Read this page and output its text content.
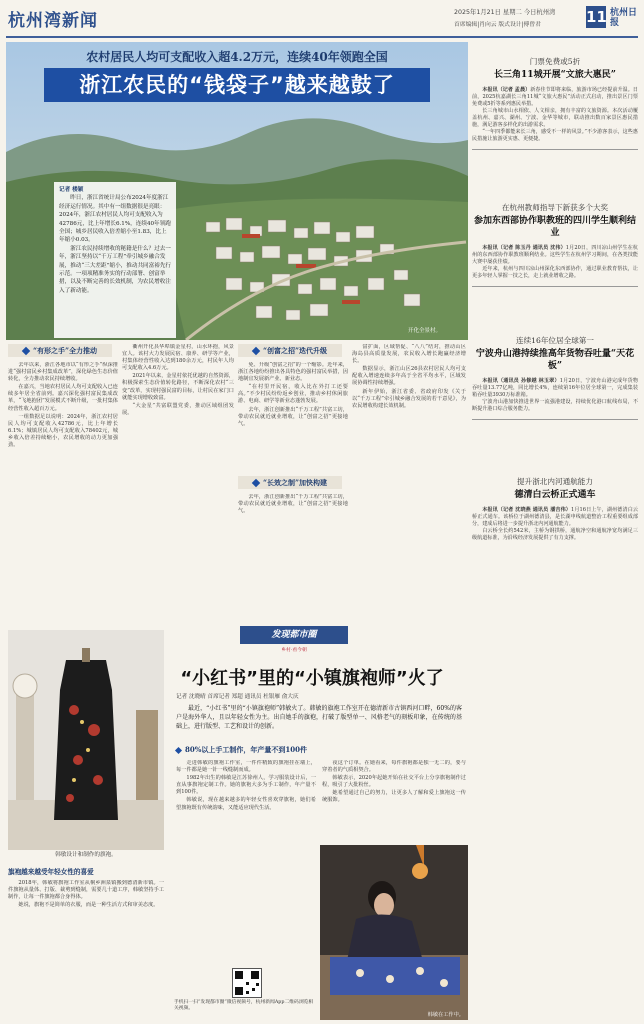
杭州湾新闻	2025年1月21日 星期二 今日杭州湾
首席编辑|肖向云 版式设计|傅曾君	11 杭州日报
农村居民人均可支配收入超4.2万元，连续40年领跑全国
浙江农民的“钱袋子”越来越鼓了
记者 楼颖

昨日，浙江省统计局公布2024年度浙江经济运行情况。其中有一组数据很是亮眼：2024年，浙江农村居民人均可支配收入为42786元，比上年增长6.1%，连续40年领跑全国；城乡居民收入倍差缩小至1.83，比上年缩小0.03。

浙江农民持续增收的秘籍是什么？过去一年，浙江坚持以“千万工程”牵引城乡融合发展，推动“三大差距”缩小，推动共同富裕先行示范。一项项精准务实的行动部署、创富举措，以及不断完善的长效机制，为农民增收注入了新动能。

开化全景村。
“有形之手”全力推动	“创富之招”迭代升级
“长效之制”加快构建

去年以来，浙江各地市以“有形之手”纵深推进“强村富民乡村集成改革”，深化绿色生态价值转化，全力推动农民持续增收。

在嘉兴，当地农村居民人均可支配收入已连续多年居全省前列。嘉兴深化强村富民集成改革，“飞地抱团”发展模式不断升级，一批村集体经营性收入超百万元。

一组数据足以说明：2024年，浙江农村居民人均可支配收入42786元，比上年增长6.1%；城镇居民人均可支配收入78402元，城乡收入倍差持续缩小，农民增收的动力更加强劲。

衢州开化县华埠镇金星村，山水环抱，风景宜人。该村大力发展民宿、康养、研学等产业，村集体经营性收入达到180余万元，村民年人均可支配收入4.6万元。

2021年以来，金星村依托优越的自然资源，积极探索生态价值转化路径，不断深化农村“三变”改革，实现村强民富的目标，让村民在家门口就能实现增收致富。

“大金星”共富联盟党委，推动区域组团发展。

免、升级“创富之招”的一个缩影。近年来，浙江各地纷纷推出各具特色的强村富民举措，因地制宜发展新产业、新业态。

“在村里开民宿，收入比在外打工还要高。”不少村民纷纷返乡创业，推动乡村休闲旅游、电商、研学等新业态蓬勃发展。

去年，浙江创新推出“千万工程”共富工坊，带动农民就近就业增收，让“创富之招”更接地气。

去年，浙江创新推出“千万工程”共富工坊，带动农民就近就业增收，让“创富之招”更接地气。

富扩面，区域帮促、“八八”结对，推动山区海岛县高质量发展，农民收入增长跑赢经济增长。

数据显示，浙江山区26县农村居民人均可支配收入增速连续多年高于全省平均水平，区域发展协调性持续增强。

新年伊始，浙江省委、省政府印发《关于以“千万工程”牵引城乡融合发展的若干意见》，为农民增收构建长效机制。

韩敏设计和制作的旗袍。
发现都市圈
乡村·看今朝
“小红书”里的“小镇旗袍师”火了
记者 沈晓晴 首席记者 郑超 通讯员 杜银雁 俞大庆
最近，“小红书”里的“小镇旗袍师”韩敏火了。韩敏的旗袍工作室开在德清新市古镇西河口畔，60%的客户是海外华人，且以年轻女性为主。出自她手的旗袍，打破了版型单一、风格老气的刻板印象，在传统的基础上，进行版型、工艺和设计的创新。
80%以上手工制作，年产量不到100件
旗袍越来越受年轻女性的喜爱

2018年，韩敏将旗袍工作室从桐乡洲泉镇搬到德清新市镇。一件旗袍从量体、打版、裁剪到缝制，需要几十道工序，韩敏坚持手工制作，让每一件旗袍都合身得体。

她说，旗袍不是简单的衣服，而是一种生活方式和审美态度。

走进韩敏的旗袍工作室，一件件精致的旗袍挂在墙上，每一件都是她一针一线缝制而成。

1982年出生的韩敏是江苏徐州人，学习服装设计后，一直从事旗袍定制工作。她的旗袍大多为手工制作，年产量不到100件。

韩敏说，现在越来越多的年轻女性喜欢穿旗袍，她们希望旗袍既有传统韵味，又能适应现代生活。

夜这个订单。在她看来，每件旗袍都是独一无二的，要与穿着者的气质相契合。

韩敏表示，2020年起她开始在社交平台上分享旗袍制作过程，吸引了大批粉丝。

她希望通过自己的努力，让更多人了解和爱上旗袍这一传统服饰。

手机扫一扫“发现都市圈”微信视频号，杭州新闻App二维码浏览相关视频。
韩敏在工作中。
门票免费或5折
长三角11城开展“文旅大惠民”

本报讯（记者 孟晨）新春佳节即将来临，旅游市场已经提前升温。日前，2025杭嘉湖长三角11城“文旅大惠民”活动正式启动，推出景区门票免费或5折等系列惠民举措。

长三角城市山水相依、人文相亲，拥有丰富的文旅资源。本次活动覆盖杭州、嘉兴、湖州、宁波、金华等城市，联动推出数百家景区惠民措施，满足游客多样化的出游需求。

“一年四季都能来长三角，感受不一样的风景。”不少游客表示，这些惠民措施让旅游更实惠、更便捷。

在杭州教师指导下新获多个大奖
参加东西部协作职教班的四川学生顺利结业

本报讯（记者 陈玉丹 通讯员 沈伟）1月20日，四川凉山州学生在杭州的东西部协作职教班顺利结业。这些学生在杭州学习期间，在各类技能大赛中屡获佳绩。

近年来，杭州与四川凉山州深化东西部协作，通过职业教育帮扶，让更多年轻人掌握一技之长，走上就业增收之路。

连续16年位居全球第一
宁波舟山港持续推高年货物吞吐量“天花板”

本报讯（通讯员 孙修越 林玉翠）1月20日，宁波舟山港完成年货物吞吐量13.77亿吨，同比增长4%，连续第16年位居全球第一，完成集装箱吞吐量3930万标准箱。

宁波舟山港加快推进世界一流强港建设，持续优化港口航线布局，不断提升港口综合服务能力。

提升浙北内河通航能力
德清白云桥正式通车

本报讯（记者 沈晓燕 通讯员 潘吉伟）1月16日上午，湖州德清白云桥正式通车。该桥位于湖州德清县，是长湖申线航道整治工程重要组成部分，建成后将进一步提升浙北内河通航能力。

白云桥全长约542米，主桥为钢拱桥，通航净空和通航净宽均满足三级航道标准，为沿线经济发展提供了有力支撑。
